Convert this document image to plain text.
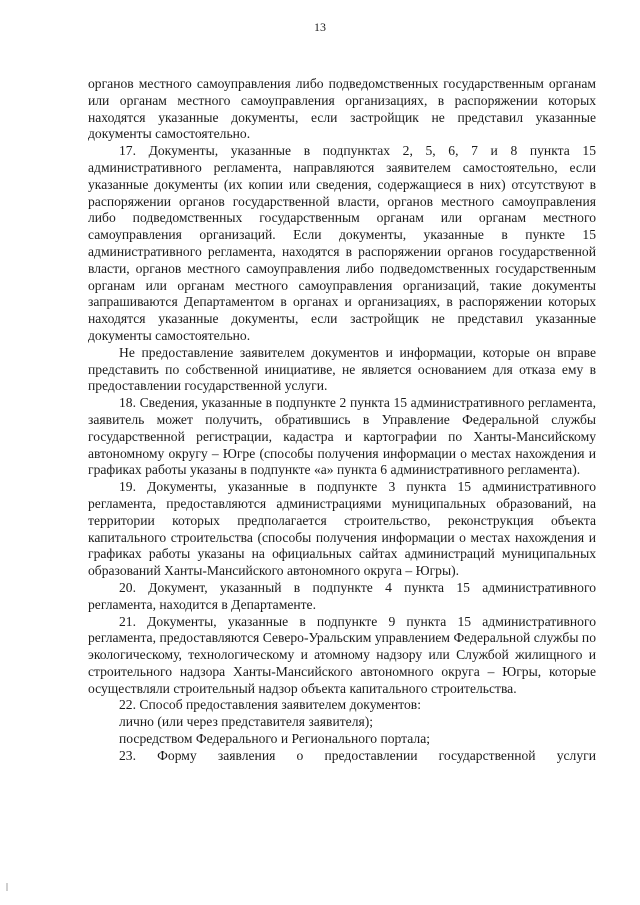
13

органов местного самоуправления либо подведомственных государственным органам или органам местного самоуправления организациях, в распоряжении которых находятся указанные документы, если застройщик не представил указанные документы самостоятельно.

17. Документы, указанные в подпунктах 2, 5, 6, 7 и 8 пункта 15 административного регламента, направляются заявителем самостоятельно, если указанные документы (их копии или сведения, содержащиеся в них) отсутствуют в распоряжении органов государственной власти, органов местного самоуправления либо подведомственных государственным органам или органам местного самоуправления организаций. Если документы, указанные в пункте 15 административного регламента, находятся в распоряжении органов государственной власти, органов местного самоуправления либо подведомственных государственным органам или органам местного самоуправления организаций, такие документы запрашиваются Департаментом в органах и организациях, в распоряжении которых находятся указанные документы, если застройщик не представил указанные документы самостоятельно.

Не предоставление заявителем документов и информации, которые он вправе представить по собственной инициативе, не является основанием для отказа ему в предоставлении государственной услуги.

18. Сведения, указанные в подпункте 2 пункта 15 административного регламента, заявитель может получить, обратившись в Управление Федеральной службы государственной регистрации, кадастра и картографии по Ханты-Мансийскому автономному округу – Югре (способы получения информации о местах нахождения и графиках работы указаны в подпункте «а» пункта 6 административного регламента).

19. Документы, указанные в подпункте 3 пункта 15 административного регламента, предоставляются администрациями муниципальных образований, на территории которых предполагается строительство, реконструкция объекта капитального строительства (способы получения информации о местах нахождения и графиках работы указаны на официальных сайтах администраций муниципальных образований Ханты-Мансийского автономного округа – Югры).

20. Документ, указанный в подпункте 4 пункта 15 административного регламента, находится в Департаменте.

21. Документы, указанные в подпункте 9 пункта 15 административного регламента, предоставляются Северо-Уральским управлением Федеральной службы по экологическому, технологическому и атомному надзору или Службой жилищного и строительного надзора Ханты-Мансийского автономного округа – Югры, которые осуществляли строительный надзор объекта капитального строительства.

22. Способ предоставления заявителем документов:

лично (или через представителя заявителя);

посредством Федерального и Регионального портала;

23. Форму заявления о предоставлении государственной услуги
